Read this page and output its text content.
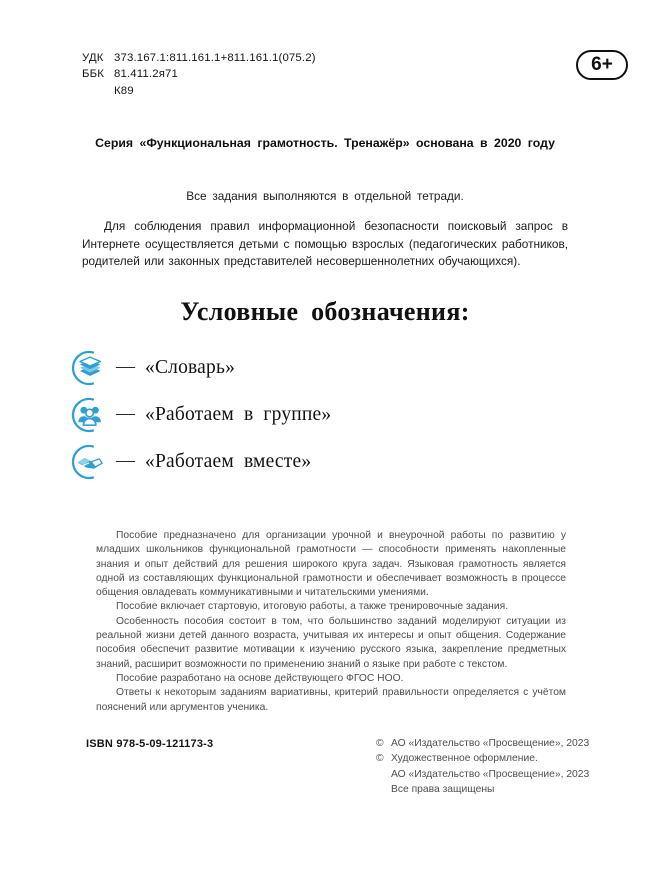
УДК 373.167.1:811.161.1+811.161.1(075.2)
ББК 81.411.2я71
К89
6+
Серия «Функциональная грамотность. Тренажёр» основана в 2020 году
Все задания выполняются в отдельной тетради.
Для соблюдения правил информационной безопасности поисковый запрос в Интернете осуществляется детьми с помощью взрослых (педагогических работников, родителей или законных представителей несовершеннолетних обучающихся).
Условные обозначения:
— «Словарь»
— «Работаем в группе»
— «Работаем вместе»

Пособие предназначено для организации урочной и внеурочной работы по развитию у младших школьников функциональной грамотности — способности применять накопленные знания и опыт действий для решения широкого круга задач. Языковая грамотность является одной из составляющих функциональной грамотности и обеспечивает возможность в процессе общения овладевать коммуникативными и читательскими умениями.

Пособие включает стартовую, итоговую работы, а также тренировочные задания.

Особенность пособия состоит в том, что большинство заданий моделируют ситуации из реальной жизни детей данного возраста, учитывая их интересы и опыт общения. Содержание пособия обеспечит развитие мотивации к изучению русского языка, закрепление предметных знаний, расширит возможности по применению знаний о языке при работе с текстом.

Пособие разработано на основе действующего ФГОС НОО.

Ответы к некоторым заданиям вариативны, критерий правильности определяется с учётом пояснений или аргументов ученика.

ISBN 978-5-09-121173-3	© АО «Издательство «Просвещение», 2023
© Художественное оформление.
АО «Издательство «Просвещение», 2023
Все права защищены
